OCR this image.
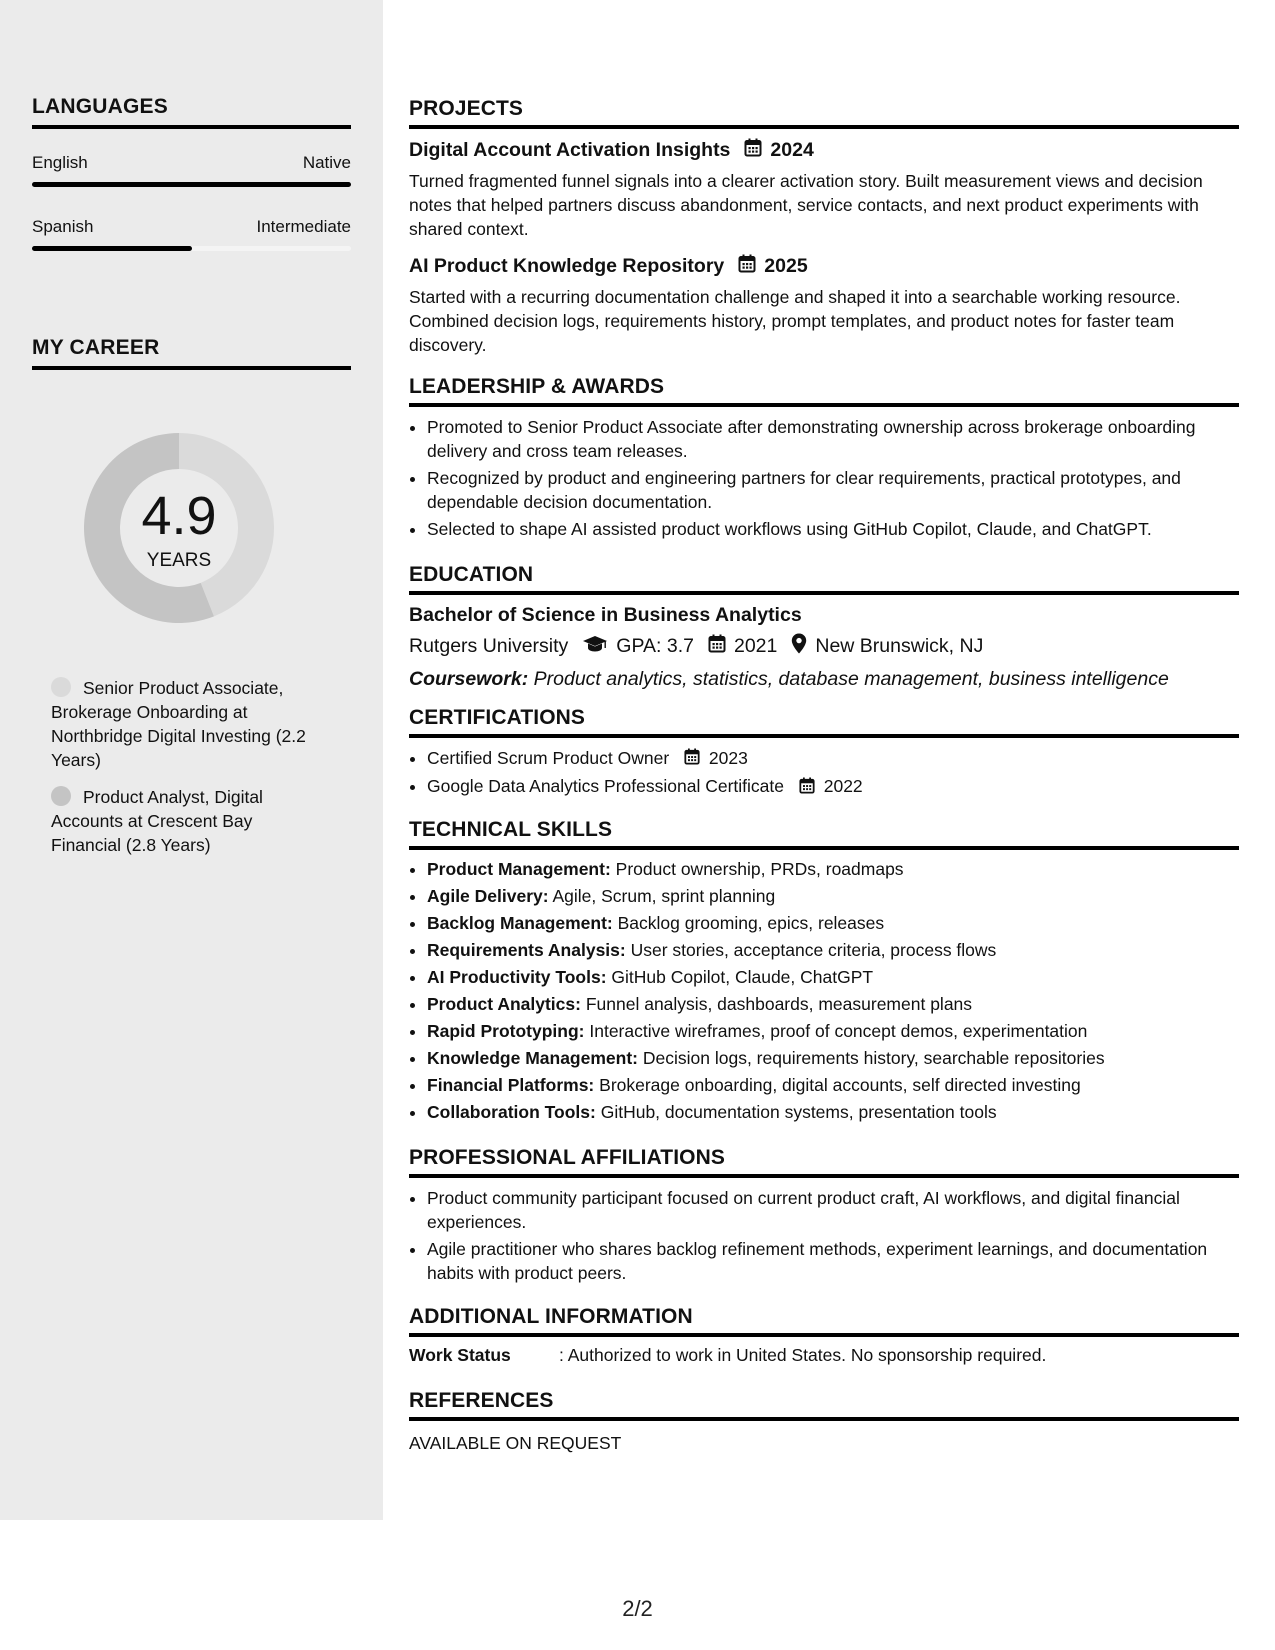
LANGUAGES
English	Native
Spanish	Intermediate
MY CAREER
4.9
YEARS
Senior Product Associate, Brokerage Onboarding at Northbridge Digital Investing (2.2 Years)
Product Analyst, Digital Accounts at Crescent Bay Financial (2.8 Years)
PROJECTS
Digital Account Activation Insights 2024
Turned fragmented funnel signals into a clearer activation story. Built measurement views and decision notes that helped partners discuss abandonment, service contacts, and next product experiments with shared context.
AI Product Knowledge Repository 2025
Started with a recurring documentation challenge and shaped it into a searchable working resource. Combined decision logs, requirements history, prompt templates, and product notes for faster team discovery.
LEADERSHIP & AWARDS
• Promoted to Senior Product Associate after demonstrating ownership across brokerage onboarding delivery and cross team releases.
• Recognized by product and engineering partners for clear requirements, practical prototypes, and dependable decision documentation.
• Selected to shape AI assisted product workflows using GitHub Copilot, Claude, and ChatGPT.
EDUCATION
Bachelor of Science in Business Analytics
Rutgers University GPA: 3.7 2021 New Brunswick, NJ
Coursework: Product analytics, statistics, database management, business intelligence
CERTIFICATIONS
• Certified Scrum Product Owner 2023
• Google Data Analytics Professional Certificate 2022
TECHNICAL SKILLS
• Product Management: Product ownership, PRDs, roadmaps
• Agile Delivery: Agile, Scrum, sprint planning
• Backlog Management: Backlog grooming, epics, releases
• Requirements Analysis: User stories, acceptance criteria, process flows
• AI Productivity Tools: GitHub Copilot, Claude, ChatGPT
• Product Analytics: Funnel analysis, dashboards, measurement plans
• Rapid Prototyping: Interactive wireframes, proof of concept demos, experimentation
• Knowledge Management: Decision logs, requirements history, searchable repositories
• Financial Platforms: Brokerage onboarding, digital accounts, self directed investing
• Collaboration Tools: GitHub, documentation systems, presentation tools
PROFESSIONAL AFFILIATIONS
• Product community participant focused on current product craft, AI workflows, and digital financial experiences.
• Agile practitioner who shares backlog refinement methods, experiment learnings, and documentation habits with product peers.
ADDITIONAL INFORMATION
Work Status	: Authorized to work in United States. No sponsorship required.
REFERENCES
AVAILABLE ON REQUEST
2/2
